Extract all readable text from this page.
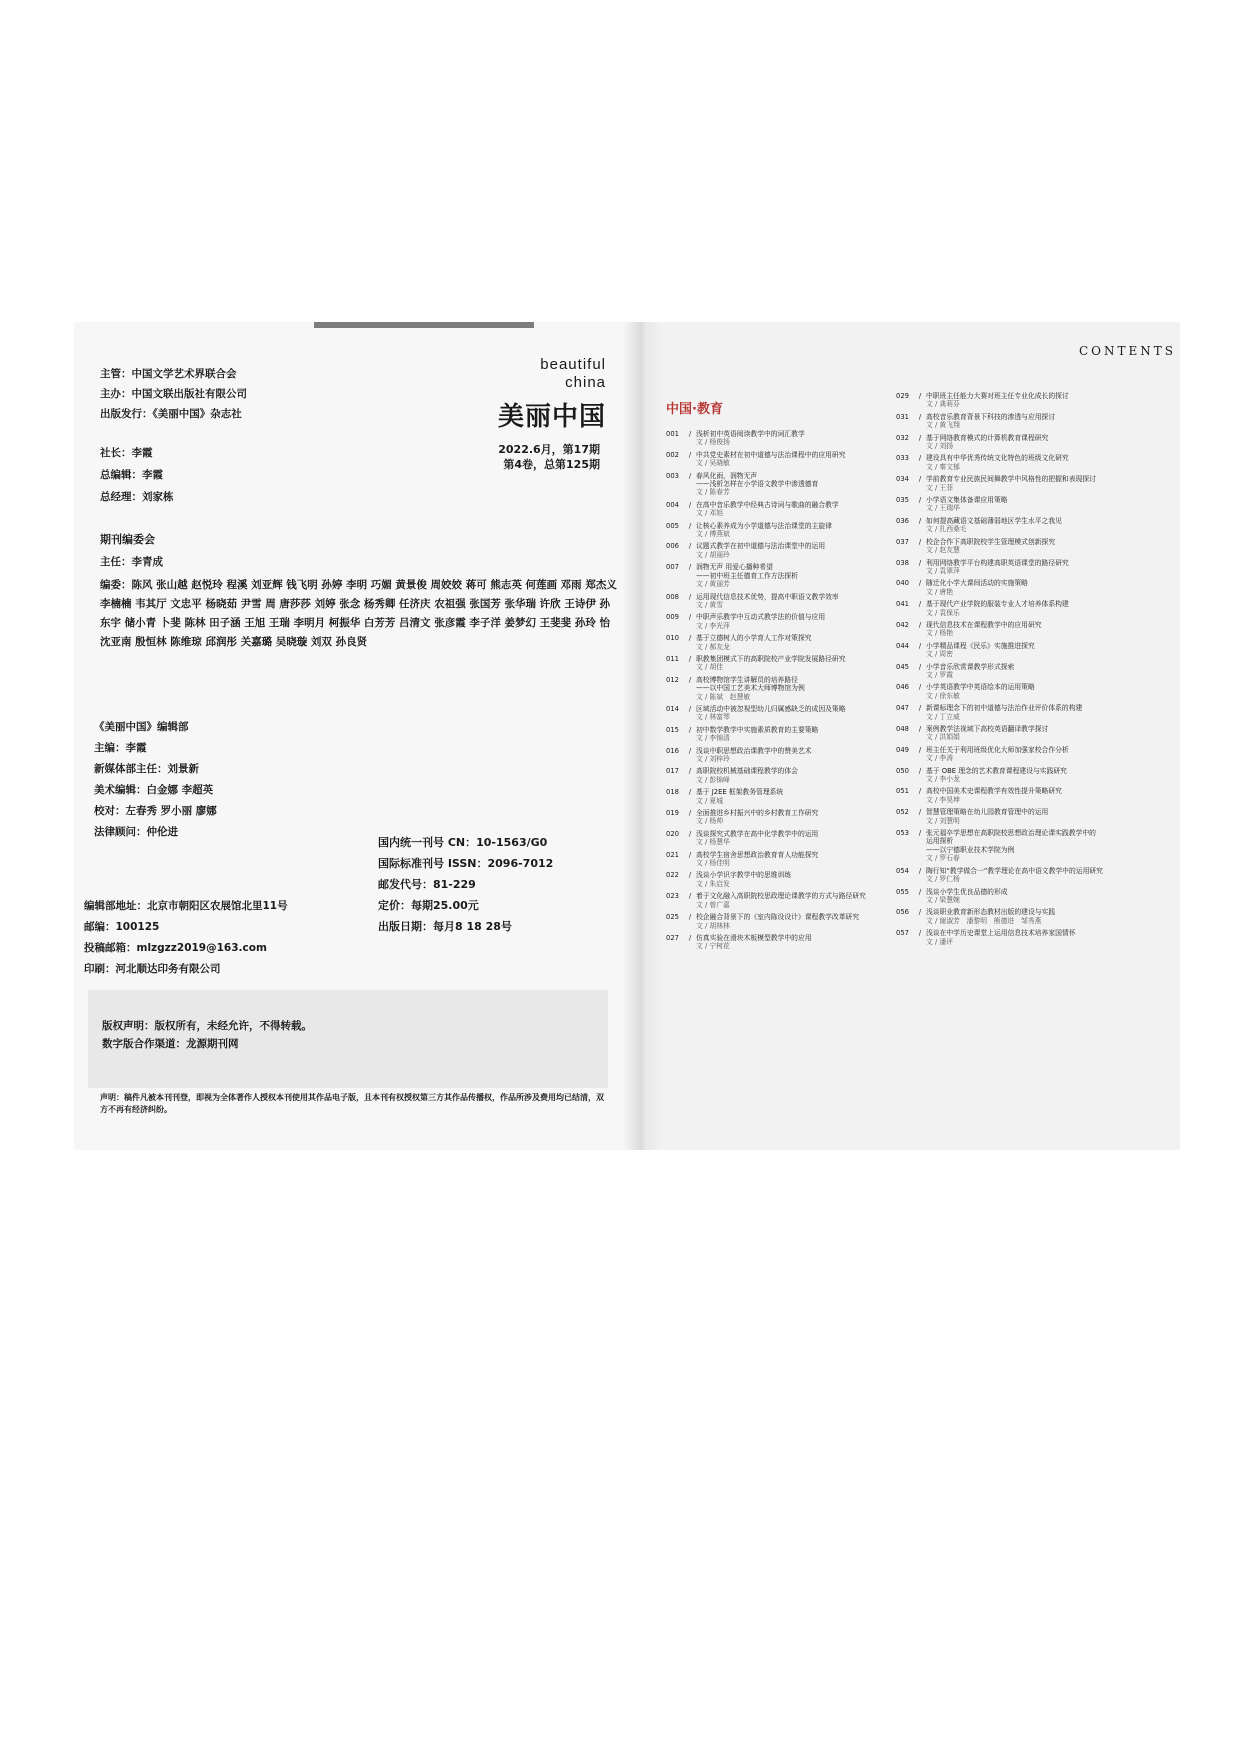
主管：中国文学艺术界联合会
主办：中国文联出版社有限公司
出版发行：《美丽中国》杂志社
beautiful
china
美丽中国
2022.6月，第17期
第4卷，总第125期
社长：李霞
总编辑：李霞
总经理：刘家栋
期刊编委会
主任：李青成
编委：陈风 张山越 赵悦玲 程溪 刘亚辉 钱飞明 孙婷 李明 巧媚 黄景俊 周姣姣 蒋可 熊志英 何莲画 邓雨 郑杰义 李楠楠 韦其厅 文忠平 杨晓茹 尹雪 周 唐莎莎 刘婷 张念 杨秀卿 任济庆 农祖强 张国芳 张华瑞 许欣 王诗伊 孙东宇 储小青 卜斐 陈林 田子涵 王旭 王瑞 李明月 柯振华 白芳芳 吕清文 张彦霞 李子洋 姜梦幻 王斐斐 孙玲 怡 沈亚南 殷恒林 陈维琼 邱润彤 关嘉璐 吴晓璇 刘双 孙良贤
《美丽中国》编辑部
主编：李霞
新媒体部主任：刘景新
美术编辑：白金娜 李超英
校对：左春秀 罗小丽 廖娜
法律顾问：仲伦进
国内统一刊号 CN：10-1563/G0
国际标准刊号 ISSN：2096-7012
邮发代号：81-229
定价：每期25.00元
出版日期：每月8 18 28号
编辑部地址：北京市朝阳区农展馆北里11号
邮编：100125
投稿邮箱：mlzgzz2019@163.com
印刷：河北顺达印务有限公司
版权声明：版权所有，未经允许，不得转载。
数字版合作渠道：龙源期刊网
声明：稿件凡被本刊刊登，即视为全体著作人授权本刊使用其作品电子版，且本刊有权授权第三方其作品传播权，作品所涉及费用均已结清，双方不再有经济纠纷。
CONTENTS
中国·教育
001	/ 浅析初中英语阅读教学中的词汇教学
文 / 杨俊扬
002	/ 中共党史素材在初中道德与法治课程中的应用研究
文 / 吴晓敏
003	/ 春风化雨，润物无声
——浅析怎样在小学语文教学中渗透德育
文 / 陈春芳
004	/ 在高中音乐教学中经典古诗词与歌曲的融合教学
文 / 邓旭
005	/ 让核心素养成为小学道德与法治课堂的主旋律
文 / 傅燕斌
006	/ 议题式教学在初中道德与法治课堂中的运用
文 / 胡丽玲
007	/ 润物无声 用爱心播种希望
——初中班主任德育工作方法探析
文 / 黄丽芳
008	/ 运用现代信息技术优势，提高中职语文教学效率
文 / 黄雪
009	/ 中职声乐教学中互动式教学法的价值与应用
文 / 李光萍
010	/ 基于立德树人的小学育人工作对策探究
文 / 郝友龙
011	/ 职教集团模式下的高职院校产业学院发展路径研究
文 / 胡佳
012	/ 高校博物馆学生讲解员的培养路径
——以中国工艺美术大师博物馆为例
文 / 陈斌　赵慧敏
014	/ 区域活动中被忽视型幼儿归属感缺乏的成因及策略
文 / 林富琴
015	/ 初中数学教学中实施素质教育的主要策略
文 / 李锦清
016	/ 浅谈中职思想政治课教学中的赞美艺术
文 / 刘梓玲
017	/ 高职院校机械基础课程教学的体会
文 / 彭锦峰
018	/ 基于 J2EE 框架教务管理系统
文 / 夏城
019	/ 全面推进乡村振兴中的乡村教育工作研究
文 / 杨帅
020	/ 浅谈探究式教学在高中化学教学中的运用
文 / 杨慧华
021	/ 高校学生宿舍思想政治教育育人功能探究
文 / 杨佳明
022	/ 浅谈小学识字教学中的思维训练
文 / 朱启发
023	/ 着于文化融入高职院校思政理论课教学的方式与路径研究
文 / 曾广嘉
025	/ 校企融合背景下的《室内陈设设计》课程教学改革研究
文 / 胡林林
027	/ 仿真实验在滑块木板模型教学中的应用
文 / 宁树花
029	/ 中职班主任能力大赛对班主任专业化成长的探讨
文 / 龚莉芬
031	/ 高校音乐教育背景下科技的渗透与应用探讨
文 / 黄飞翔
032	/ 基于网络教育模式的计算机教育课程研究
文 / 刘扬
033	/ 建设具有中华优秀传统文化特色的班级文化研究
文 / 秦文郁
034	/ 学前教育专业民族民间舞教学中风格性的把握和表现探讨
文 / 王菲
035	/ 小学语文集体备课应用策略
文 / 王瑞华
036	/ 如何提高藏语文基础薄弱地区学生水平之我见
文 / 扎西桑毛
037	/ 校企合作下高职院校学生管理模式创新探究
文 / 赵友慧
038	/ 利用网络教学平台构建高职英语课堂的路径研究
文 / 袁翠萍
040	/ 随迁化小学大课间活动的实施策略
文 / 唐艳
041	/ 基于现代产业学院的服装专业人才培养体系构建
文 / 袁保乐
042	/ 现代信息技术在课程教学中的应用研究
文 / 杨艳
044	/ 小学精品课程《民乐》实施推进探究
文 / 周密
045	/ 小学音乐欣赏课教学形式探索
文 / 罗霞
046	/ 小学英语教学中英语绘本的运用策略
文 / 徐东敏
047	/ 新课标理念下的初中道德与法治作业评价体系的构建
文 / 丁立威
048	/ 案例教学法视域下高校英语翻译教学探讨
文 / 洪娟娟
049	/ 班主任关于利用班级优化大师加强家校合作分析
文 / 李涛
050	/ 基于 OBE 理念的艺术教育课程建设与实践研究
文 / 李小龙
051	/ 高校中国美术史课程教学有效性提升策略研究
文 / 李昊坤
052	/ 智慧管理策略在幼儿园教育管理中的运用
文 / 刘慧明
053	/ 张元福卒学思想在高职院校思想政治理论课实践教学中的
运用探析
——以宁德职业技术学院为例
文 / 罗石春
054	/ 陶行知“教学做合一”教学理论在高中语文教学中的运用研究
文 / 罗仁杨
055	/ 浅谈小学生优良品德的形成
文 / 梁慧婉
056	/ 浅谈职业教育新形态教材出版的建设与实践
文 / 谢淑芳　潘黎明　熊德进　邹秀燕
057	/ 浅谈在中学历史课堂上运用信息技术培养家国情怀
文 / 潘评
